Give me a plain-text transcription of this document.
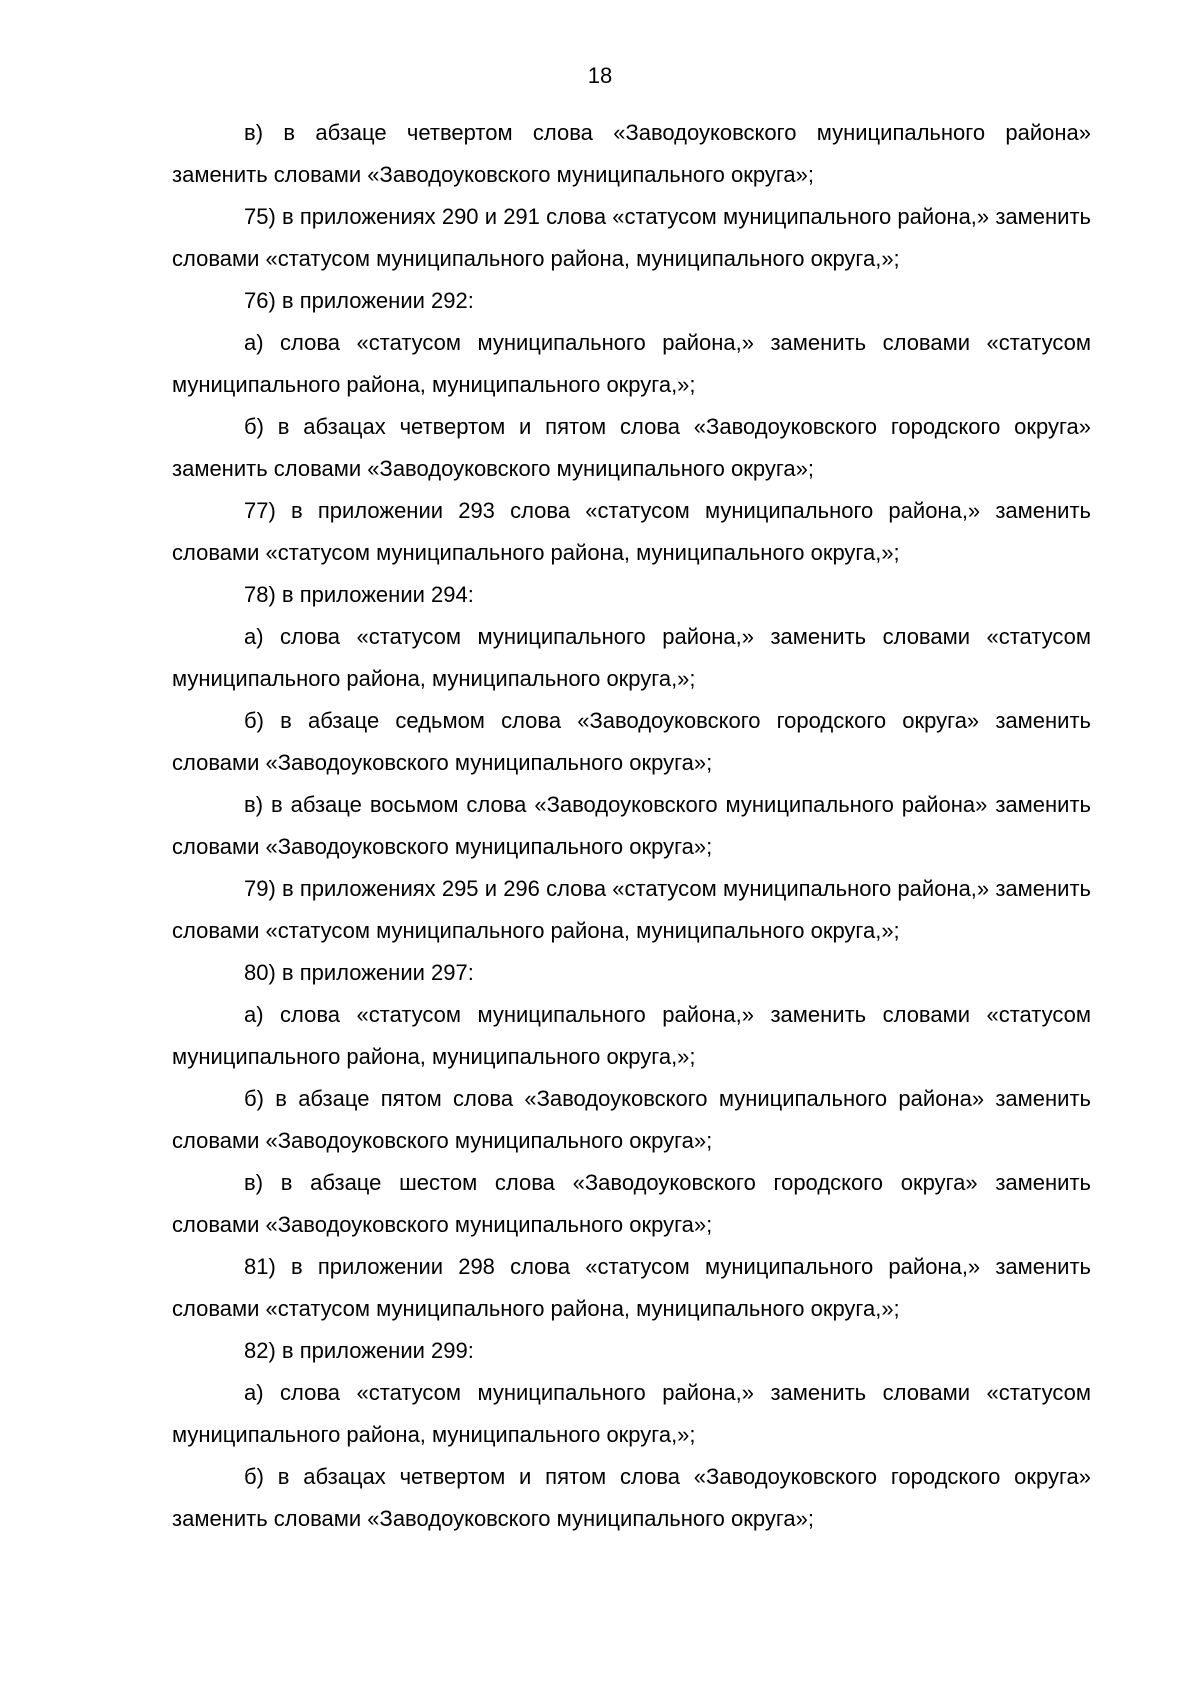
18

в) в абзаце четвертом слова «Заводоуковского муниципального района» заменить словами «Заводоуковского муниципального округа»;

75) в приложениях 290 и 291 слова «статусом муниципального района,» заменить словами «статусом муниципального района, муниципального округа,»;

76) в приложении 292:

а) слова «статусом муниципального района,» заменить словами «статусом муниципального района, муниципального округа,»;

б) в абзацах четвертом и пятом слова «Заводоуковского городского округа» заменить словами «Заводоуковского муниципального округа»;

77) в приложении 293 слова «статусом муниципального района,» заменить словами «статусом муниципального района, муниципального округа,»;

78) в приложении 294:

а) слова «статусом муниципального района,» заменить словами «статусом муниципального района, муниципального округа,»;

б) в абзаце седьмом слова «Заводоуковского городского округа» заменить словами «Заводоуковского муниципального округа»;

в) в абзаце восьмом слова «Заводоуковского муниципального района» заменить словами «Заводоуковского муниципального округа»;

79) в приложениях 295 и 296 слова «статусом муниципального района,» заменить словами «статусом муниципального района, муниципального округа,»;

80) в приложении 297:

а) слова «статусом муниципального района,» заменить словами «статусом муниципального района, муниципального округа,»;

б) в абзаце пятом слова «Заводоуковского муниципального района» заменить словами «Заводоуковского муниципального округа»;

в) в абзаце шестом слова «Заводоуковского городского округа» заменить словами «Заводоуковского муниципального округа»;

81) в приложении 298 слова «статусом муниципального района,» заменить словами «статусом муниципального района, муниципального округа,»;

82) в приложении 299:

а) слова «статусом муниципального района,» заменить словами «статусом муниципального района, муниципального округа,»;

б) в абзацах четвертом и пятом слова «Заводоуковского городского округа» заменить словами «Заводоуковского муниципального округа»;
